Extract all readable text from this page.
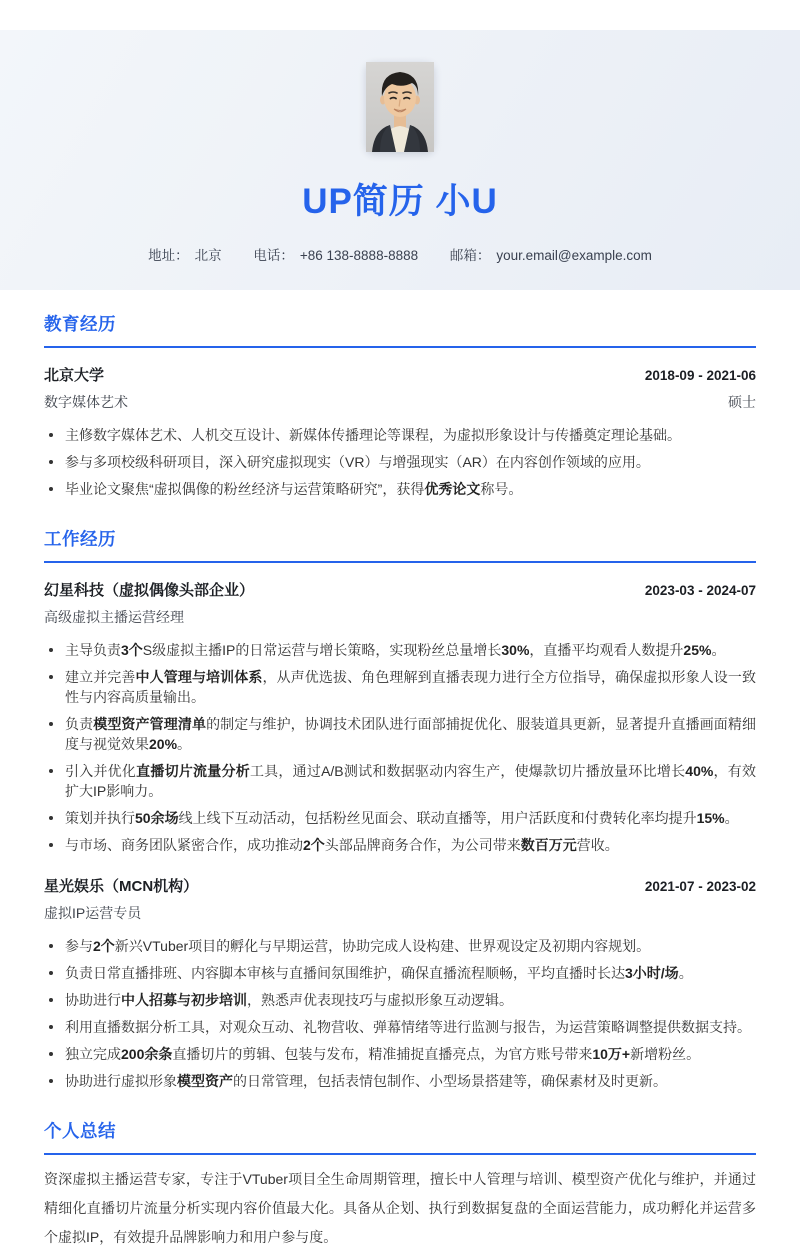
UP简历 小U
地址： 北京 电话： +86 138-8888-8888 邮箱： your.email@example.com
教育经历
北京大学	2018-09 - 2021-06
数字媒体艺术	硕士
主修数字媒体艺术、人机交互设计、新媒体传播理论等课程，为虚拟形象设计与传播奠定理论基础。
参与多项校级科研项目，深入研究虚拟现实（VR）与增强现实（AR）在内容创作领域的应用。
毕业论文聚焦“虚拟偶像的粉丝经济与运营策略研究”，获得优秀论文称号。
工作经历
幻星科技（虚拟偶像头部企业）	2023-03 - 2024-07
高级虚拟主播运营经理
主导负责3个S级虚拟主播IP的日常运营与增长策略，实现粉丝总量增长30%，直播平均观看人数提升25%。
建立并完善中人管理与培训体系，从声优选拔、角色理解到直播表现力进行全方位指导，确保虚拟形象人设一致性与内容高质量输出。
负责模型资产管理清单的制定与维护，协调技术团队进行面部捕捉优化、服装道具更新，显著提升直播画面精细度与视觉效果20%。
引入并优化直播切片流量分析工具，通过A/B测试和数据驱动内容生产，使爆款切片播放量环比增长40%，有效扩大IP影响力。
策划并执行50余场线上线下互动活动，包括粉丝见面会、联动直播等，用户活跃度和付费转化率均提升15%。
与市场、商务团队紧密合作，成功推动2个头部品牌商务合作，为公司带来数百万元营收。
星光娱乐（MCN机构）	2021-07 - 2023-02
虚拟IP运营专员
参与2个新兴VTuber项目的孵化与早期运营，协助完成人设构建、世界观设定及初期内容规划。
负责日常直播排班、内容脚本审核与直播间氛围维护，确保直播流程顺畅，平均直播时长达3小时/场。
协助进行中人招募与初步培训，熟悉声优表现技巧与虚拟形象互动逻辑。
利用直播数据分析工具，对观众互动、礼物营收、弹幕情绪等进行监测与报告，为运营策略调整提供数据支持。
独立完成200余条直播切片的剪辑、包装与发布，精准捕捉直播亮点，为官方账号带来10万+新增粉丝。
协助进行虚拟形象模型资产的日常管理，包括表情包制作、小型场景搭建等，确保素材及时更新。
个人总结

资深虚拟主播运营专家，专注于VTuber项目全生命周期管理，擅长中人管理与培训、模型资产优化与维护，并通过精细化直播切片流量分析实现内容价值最大化。具备从企划、执行到数据复盘的全面运营能力，成功孵化并运营多个虚拟IP，有效提升品牌影响力和用户参与度。
